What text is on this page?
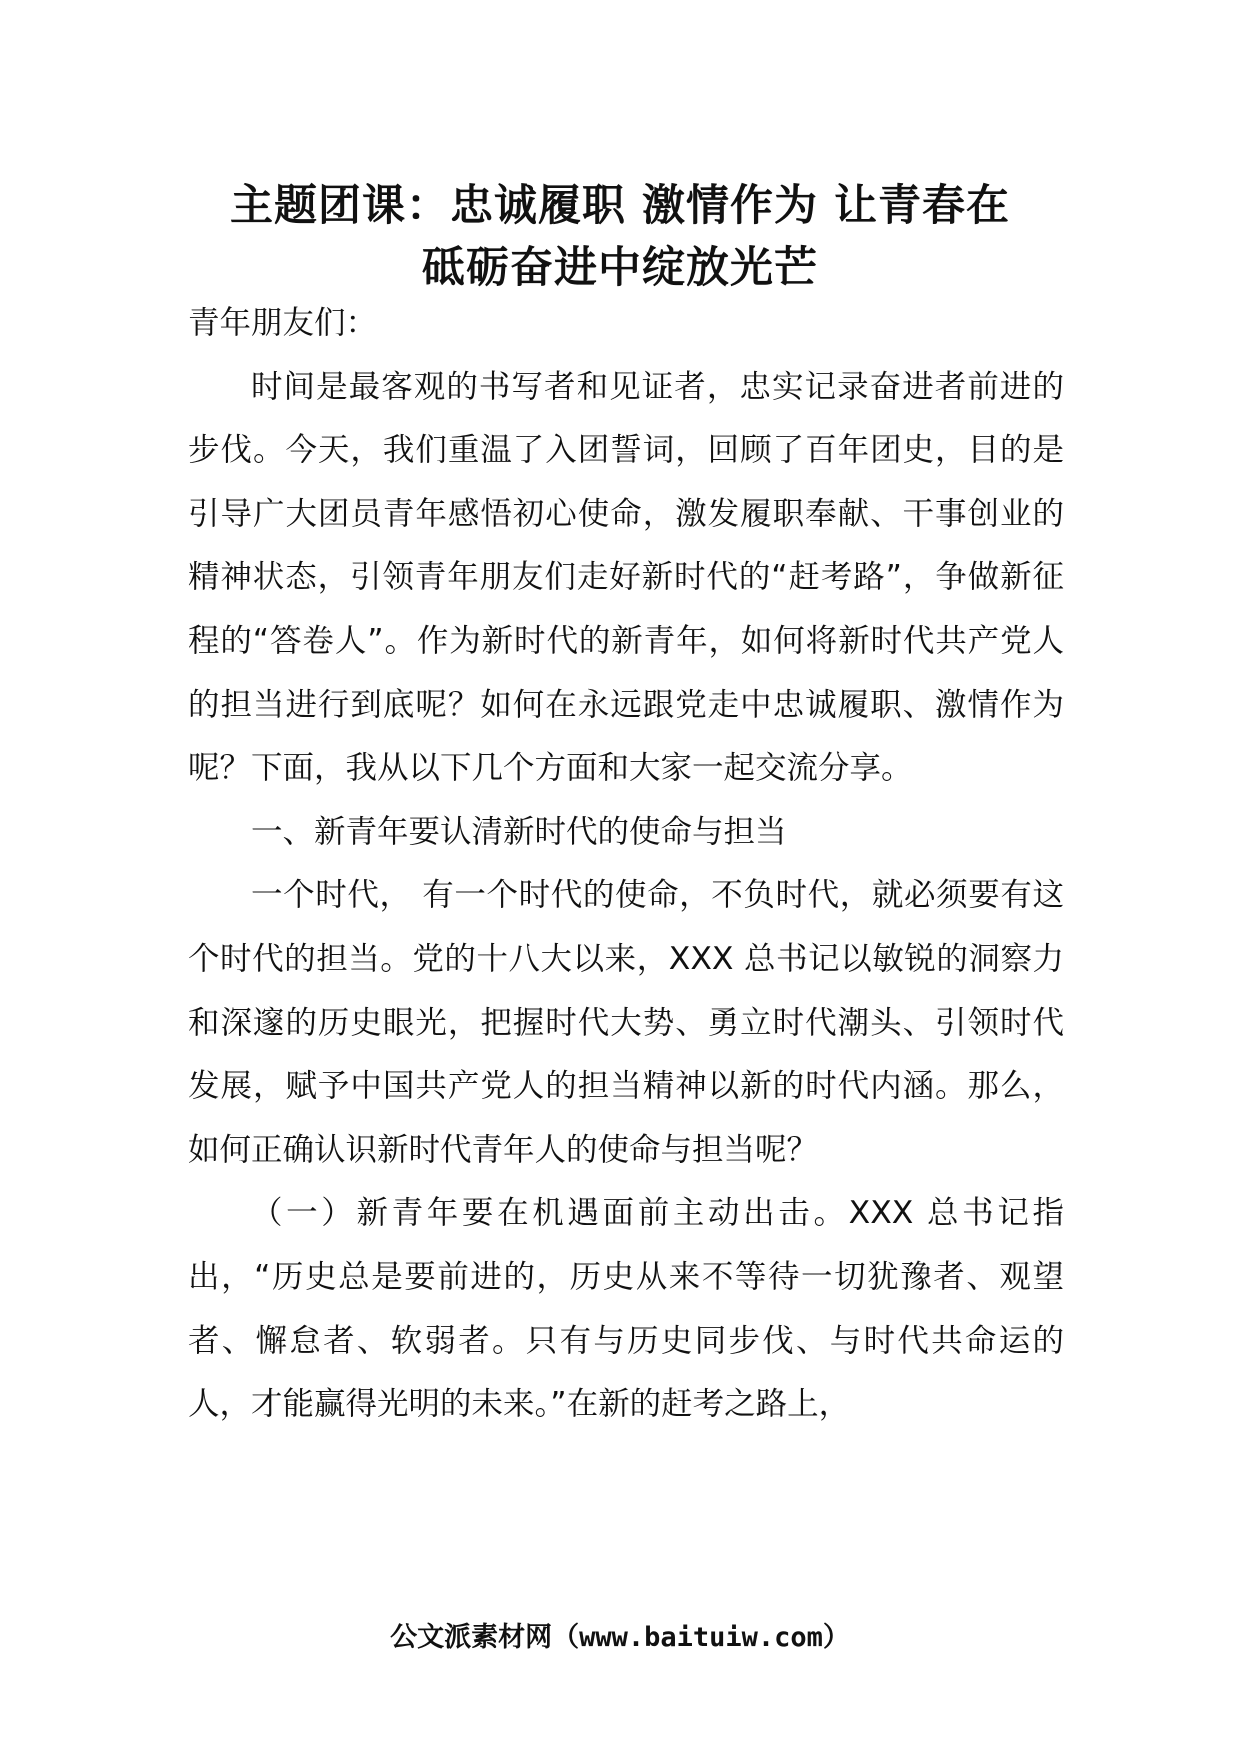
主题团课：忠诚履职 激情作为 让青春在
砥砺奋进中绽放光芒

青年朋友们：

时间是最客观的书写者和见证者，忠实记录奋进者前进的步伐。今天，我们重温了入团誓词，回顾了百年团史，目的是引导广大团员青年感悟初心使命，激发履职奉献、干事创业的精神状态，引领青年朋友们走好新时代的“赶考路”，争做新征程的“答卷人”。作为新时代的新青年，如何将新时代共产党人的担当进行到底呢？如何在永远跟党走中忠诚履职、激情作为呢？下面，我从以下几个方面和大家一起交流分享。

一、新青年要认清新时代的使命与担当

一个时代， 有一个时代的使命，不负时代，就必须要有这个时代的担当。党的十八大以来，XXX 总书记以敏锐的洞察力和深邃的历史眼光，把握时代大势、勇立时代潮头、引领时代发展，赋予中国共产党人的担当精神以新的时代内涵。那么，如何正确认识新时代青年人的使命与担当呢？

（一）新青年要在机遇面前主动出击。XXX 总书记指出，“历史总是要前进的，历史从来不等待一切犹豫者、观望者、懈怠者、软弱者。只有与历史同步伐、与时代共命运的人，才能赢得光明的未来。”在新的赶考之路上，

公文派素材网（www.baituiw.com）
